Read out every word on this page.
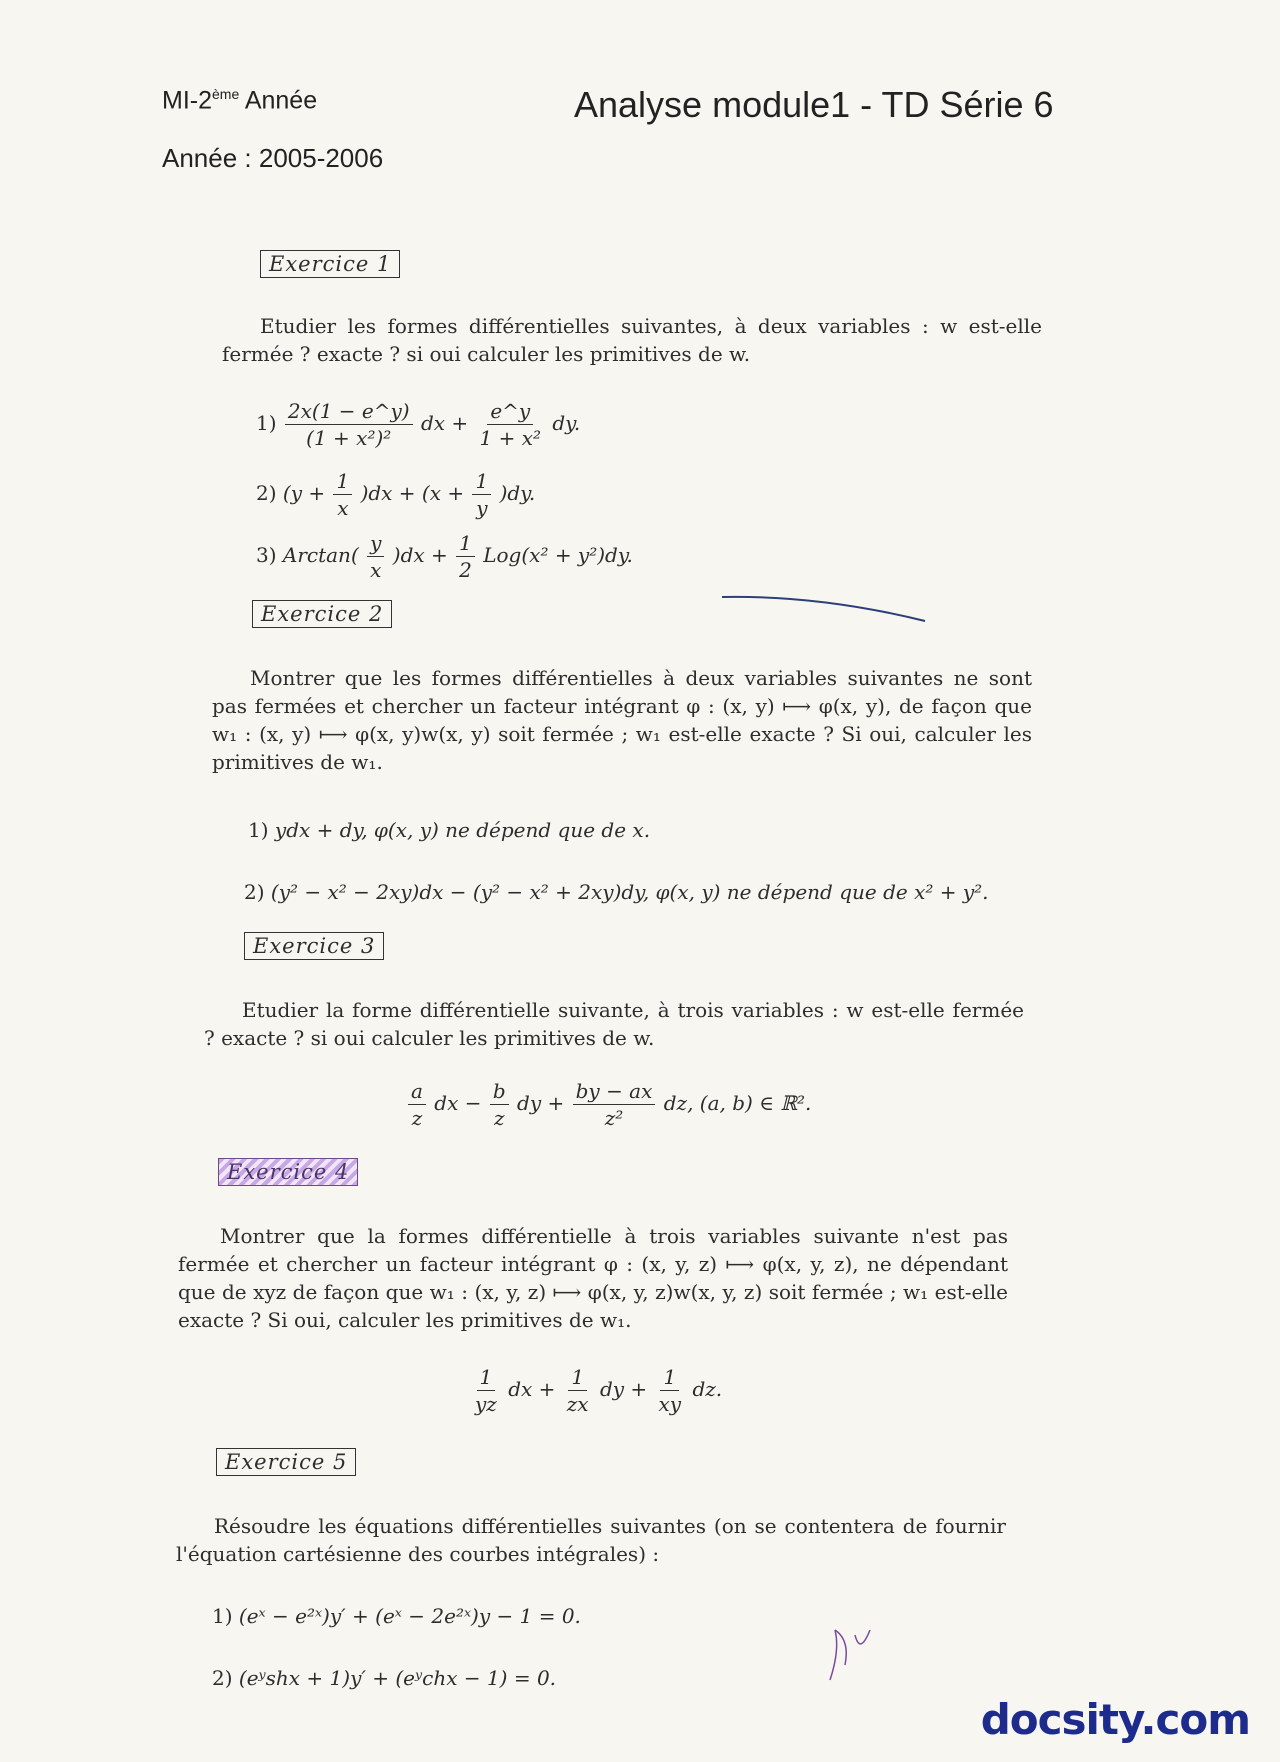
MI-2ème Année
Année : 2005-2006
Analyse module1 - TD Série 6
Exercice 1
Etudier les formes différentielles suivantes, à deux variables : w est-elle fermée ? exacte ? si oui calculer les primitives de w.
$1) \frac{2x(1 - e\^{}y)}{\text{(1 + x²)²}}$ dx + $\frac{e\^{}y}{\text{1 + x²}}$ dy.
2) $(y + \frac{1}{x} )dx + (x + \frac{1}{y} )dy$.
3) $Arctan( \frac{y}{x} )dx + \frac{1}{2} Log(x^2 + y^2)dy$.
Exercice 2
Montrer que les formes différentielles à deux variables suivantes ne sont pas fermées et chercher un facteur intégrant φ : (x, y) ⟼ φ(x, y), de façon que w₁ : (x, y) ⟼ φ(x, y)w(x, y) soit fermée ; w₁ est-elle exacte ? Si oui, calculer les primitives de w₁.
1) ydx + dy, φ(x, y) ne dépend que de x.
2) (y² − x² − 2xy)dx − (y² − x² + 2xy)dy, φ(x, y) ne dépend que de x² + y².
Exercice 3
Etudier la forme différentielle suivante, à trois variables : w est-elle fermée ? exacte ? si oui calculer les primitives de w.
$\frac{a}{z}$ dx − $\frac{b}{z}$ dy + $\frac{by - ax}{\text{z²}}$ dz, (a, b) ∈ ℝ².
Exercice 4
Montrer que la formes différentielle à trois variables suivante n'est pas fermée et chercher un facteur intégrant φ : (x, y, z) ⟼ φ(x, y, z), ne dépendant que de xyz de façon que w₁ : (x, y, z) ⟼ φ(x, y, z)w(x, y, z) soit fermée ; w₁ est-elle exacte ? Si oui, calculer les primitives de w₁.
$\frac{1}{yz}$ dx + $\frac{1}{zx}$ dy + $\frac{1}{xy}$ dz.
Exercice 5
Résoudre les équations différentielles suivantes (on se contentera de fournir l'équation cartésienne des courbes intégrales) :
1) (eˣ − e²ˣ)y′ + (eˣ − 2e²ˣ)y − 1 = 0.
2) (eʸshx + 1)y′ + (eʸchx − 1) = 0.
docsity.com
